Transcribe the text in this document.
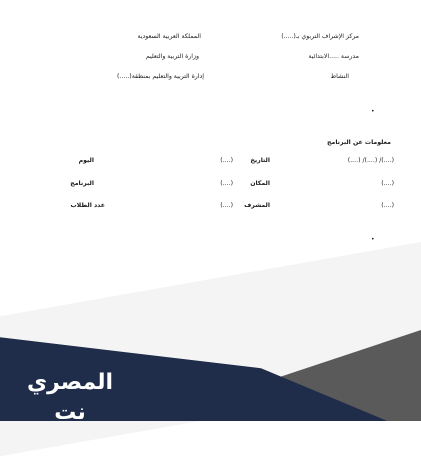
مركز الإشراف التربوي بـ(.....)
مدرسة .....الابتدائية
النشاط
المملكة العربية السعودية
وزارة التربية والتعليم
إدارة التربية والتعليم بمنطقة(.....)
•
معلومات عن البرنامج
(....)/ (....)/ (....)
التاريخ
(....)
اليوم
(....)
المكان
(....)
البرنامج
(....)
المشرف
(....)
عدد الطلاب
•
المصري نت
